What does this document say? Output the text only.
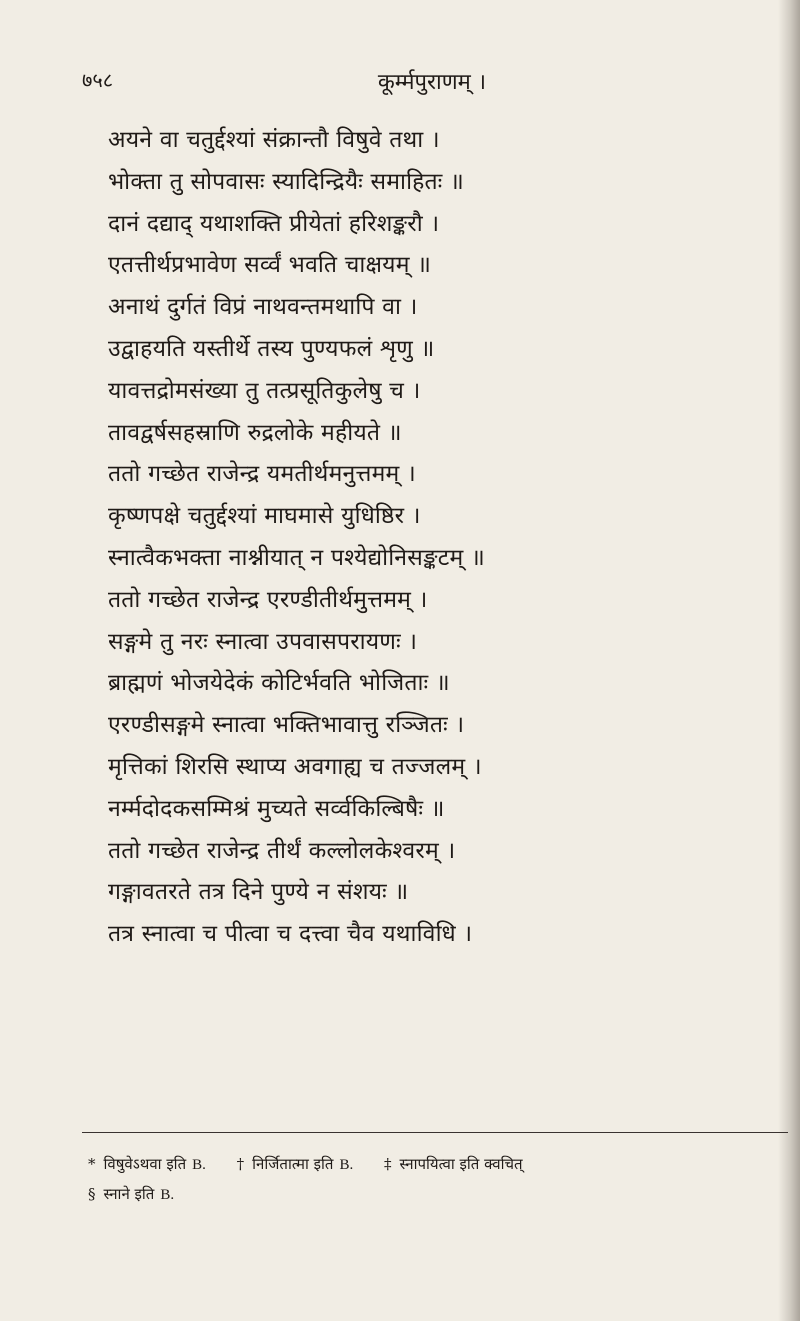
७५८	कूर्म्मपुराणम् ।
अयने वा चतुर्द्दश्यां संक्रान्तौ विषुवे तथा ।
भोक्ता तु सोपवासः स्यादिन्द्रियैः समाहितः ॥
दानं दद्याद् यथाशक्ति प्रीयेतां हरिशङ्करौ ।
एतत्तीर्थप्रभावेण सर्व्वं भवति चाक्षयम् ॥
अनाथं दुर्गतं विप्रं नाथवन्तमथापि वा ।
उद्वाहयति यस्तीर्थे तस्य पुण्यफलं शृणु ॥
यावत्तद्रोमसंख्या तु तत्प्रसूतिकुलेषु च ।
तावद्वर्षसहस्राणि रुद्रलोके महीयते ॥
ततो गच्छेत राजेन्द्र यमतीर्थमनुत्तमम् ।
कृष्णपक्षे चतुर्द्दश्यां माघमासे युधिष्ठिर ।
स्नात्वैकभक्ता नाश्नीयात् न पश्येद्योनिसङ्कटम् ॥
ततो गच्छेत राजेन्द्र एरण्डीतीर्थमुत्तमम् ।
सङ्गमे तु नरः स्नात्वा उपवासपरायणः ।
ब्राह्मणं भोजयेदेकं कोटिर्भवति भोजिताः ॥
एरण्डीसङ्गमे स्नात्वा भक्तिभावात्तु रञ्जितः ।
मृत्तिकां शिरसि स्थाप्य अवगाह्य च तज्जलम् ।
नर्म्मदोदकसम्मिश्रं मुच्यते सर्व्वकिल्बिषैः ॥
ततो गच्छेत राजेन्द्र तीर्थं कल्लोलकेश्वरम् ।
गङ्गावतरते तत्र दिने पुण्ये न संशयः ॥
तत्र स्नात्वा च पीत्वा च दत्त्वा चैव यथाविधि ।
* विषुवेऽथवा इति B. † निर्जितात्मा इति B. ‡ स्नापयित्वा इति क्वचित्
§ स्नाने इति B.
